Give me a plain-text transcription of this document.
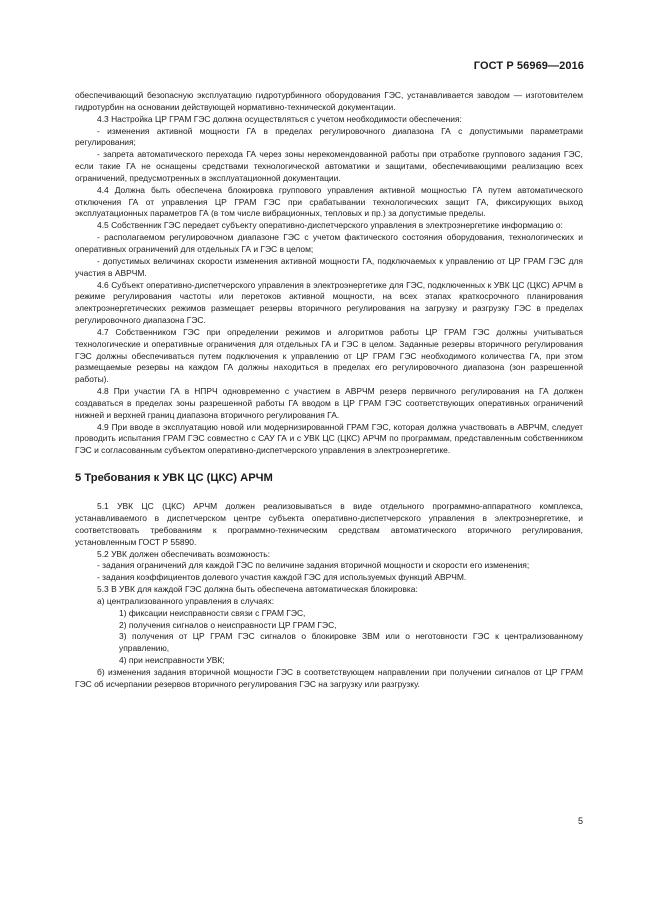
ГОСТ Р 56969—2016

обеспечивающий безопасную эксплуатацию гидротурбинного оборудования ГЭС, устанавливается заводом — изготовителем гидротурбин на основании действующей нормативно-технической документации.

4.3 Настройка ЦР ГРАМ ГЭС должна осуществляться с учетом необходимости обеспечения:

- изменения активной мощности ГА в пределах регулировочного диапазона ГА с допустимыми параметрами регулирования;

- запрета автоматического перехода ГА через зоны нерекомендованной работы при отработке группового задания ГЭС, если такие ГА не оснащены средствами технологической автоматики и защитами, обеспечивающими реализацию всех ограничений, предусмотренных в эксплуатационной документации.

4.4 Должна быть обеспечена блокировка группового управления активной мощностью ГА путем автоматического отключения ГА от управления ЦР ГРАМ ГЭС при срабатывании технологических защит ГА, фиксирующих выход эксплуатационных параметров ГА (в том числе вибрационных, тепловых и пр.) за допустимые пределы.

4.5 Собственник ГЭС передает субъекту оперативно-диспетчерского управления в электроэнергетике информацию о:

- располагаемом регулировочном диапазоне ГЭС с учетом фактического состояния оборудования, технологических и оперативных ограничений для отдельных ГА и ГЭС в целом;

- допустимых величинах скорости изменения активной мощности ГА, подключаемых к управлению от ЦР ГРАМ ГЭС для участия в АВРЧМ.

4.6 Субъект оперативно-диспетчерского управления в электроэнергетике для ГЭС, подключенных к УВК ЦС (ЦКС) АРЧМ в режиме регулирования частоты или перетоков активной мощности, на всех этапах краткосрочного планирования электроэнергетических режимов размещает резервы вторичного регулирования на загрузку и разгрузку ГЭС в пределах регулировочного диапазона ГЭС.

4.7 Собственником ГЭС при определении режимов и алгоритмов работы ЦР ГРАМ ГЭС должны учитываться технологические и оперативные ограничения для отдельных ГА и ГЭС в целом. Заданные резервы вторичного регулирования ГЭС должны обеспечиваться путем подключения к управлению от ЦР ГРАМ ГЭС необходимого количества ГА, при этом размещаемые резервы на каждом ГА должны находиться в пределах его регулировочного диапазона (зон разрешенной работы).

4.8 При участии ГА в НПРЧ одновременно с участием в АВРЧМ резерв первичного регулирования на ГА должен создаваться в пределах зоны разрешенной работы ГА вводом в ЦР ГРАМ ГЭС соответствующих оперативных ограничений нижней и верхней границ диапазона вторичного регулирования ГА.

4.9 При вводе в эксплуатацию новой или модернизированной ГРАМ ГЭС, которая должна участвовать в АВРЧМ, следует проводить испытания ГРАМ ГЭС совместно с САУ ГА и с УВК ЦС (ЦКС) АРЧМ по программам, представленным собственником ГЭС и согласованным субъектом оперативно-диспетчерского управления в электроэнергетике.

5 Требования к УВК ЦС (ЦКС) АРЧМ

5.1 УВК ЦС (ЦКС) АРЧМ должен реализовываться в виде отдельного программно-аппаратного комплекса, устанавливаемого в диспетчерском центре субъекта оперативно-диспетчерского управления в электроэнергетике, и соответствовать требованиям к программно-техническим средствам автоматического вторичного регулирования, установленным ГОСТ Р 55890.

5.2 УВК должен обеспечивать возможность:

- задания ограничений для каждой ГЭС по величине задания вторичной мощности и скорости его изменения;

- задания коэффициентов долевого участия каждой ГЭС для используемых функций АВРЧМ.

5.3 В УВК для каждой ГЭС должна быть обеспечена автоматическая блокировка:

а) централизованного управления в случаях:

1) фиксации неисправности связи с ГРАМ ГЭС,

2) получения сигналов о неисправности ЦР ГРАМ ГЭС,

3) получения от ЦР ГРАМ ГЭС сигналов о блокировке ЗВМ или о неготовности ГЭС к централизованному управлению,

4) при неисправности УВК;

б) изменения задания вторичной мощности ГЭС в соответствующем направлении при получении сигналов от ЦР ГРАМ ГЭС об исчерпании резервов вторичного регулирования ГЭС на загрузку или разгрузку.

5
